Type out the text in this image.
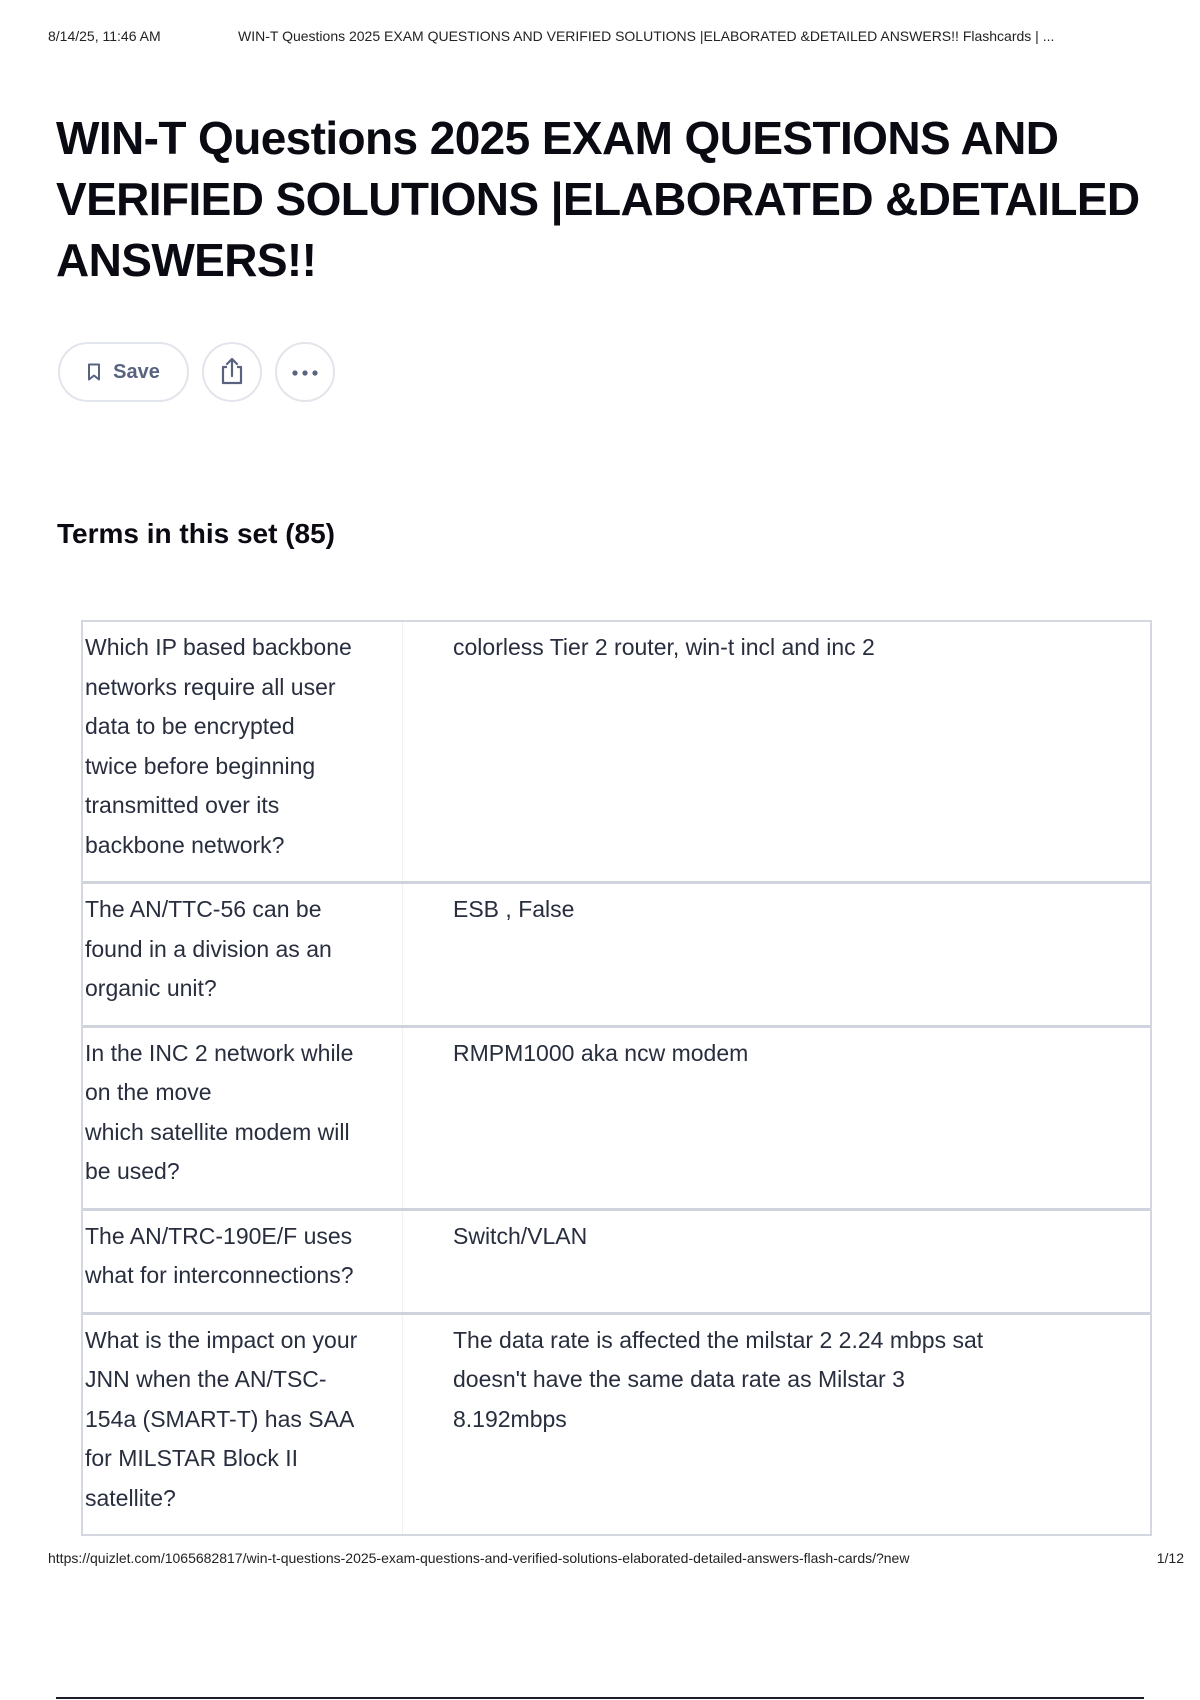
8/14/25, 11:46 AM	WIN-T Questions 2025 EXAM QUESTIONS AND VERIFIED SOLUTIONS |ELABORATED &DETAILED ANSWERS!! Flashcards | ...
WIN-T Questions 2025 EXAM QUESTIONS AND VERIFIED SOLUTIONS |ELABORATED &DETAILED ANSWERS!!
Save
Terms in this set (85)
Which IP based backbone
networks require all user
data to be encrypted
twice before beginning
transmitted over its
backbone network?
colorless Tier 2 router, win-t incl and inc 2
The AN/TTC-56 can be
found in a division as an
organic unit?
ESB , False
In the INC 2 network while
on the move
which satellite modem will
be used?
RMPM1000 aka ncw modem
The AN/TRC-190E/F uses
what for interconnections?
Switch/VLAN
What is the impact on your
JNN when the AN/TSC-
154a (SMART-T) has SAA
for MILSTAR Block II
satellite?
The data rate is affected the milstar 2 2.24 mbps sat
doesn't have the same data rate as Milstar 3
8.192mbps
https://quizlet.com/1065682817/win-t-questions-2025-exam-questions-and-verified-solutions-elaborated-detailed-answers-flash-cards/?new	1/12
